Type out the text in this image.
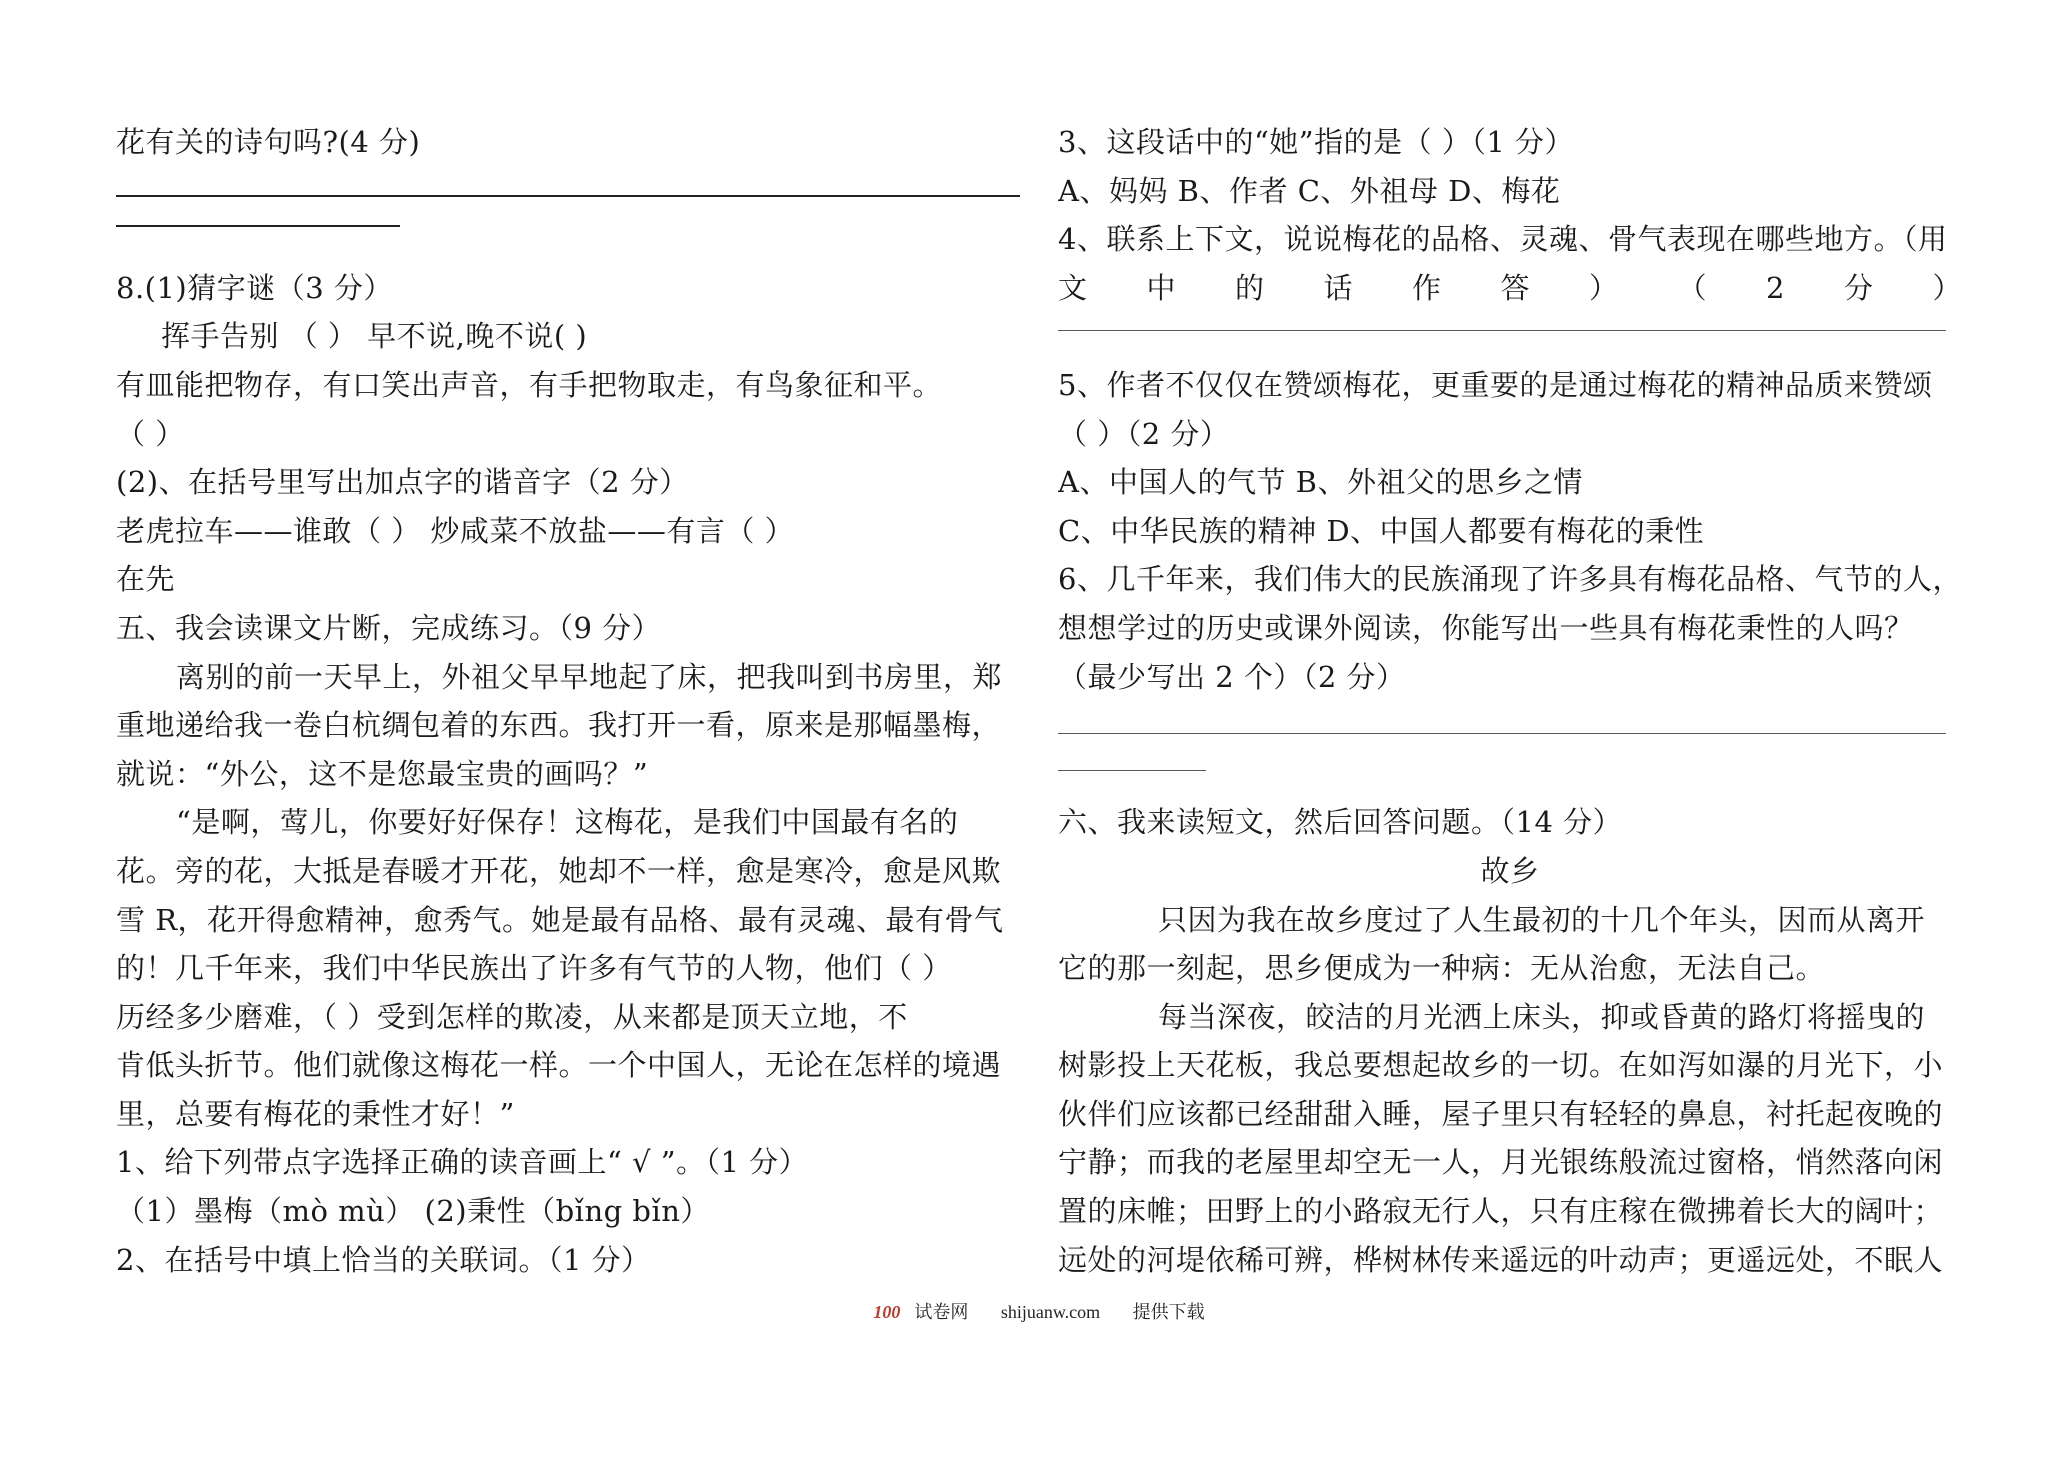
花有关的诗句吗?(4 分)
8.(1)猜字谜（3 分）
挥手告别 （ ） 早不说,晚不说( )
有皿能把物存，有口笑出声音，有手把物取走，有鸟象征和平。
（ ）
(2)、在括号里写出加点字的谐音字（2 分）
老虎拉车——谁敢（ ） 炒咸菜不放盐——有言（ ）
在先
五、我会读课文片断，完成练习。（9 分）
离别的前一天早上，外祖父早早地起了床，把我叫到书房里，郑
重地递给我一卷白杭绸包着的东西。我打开一看，原来是那幅墨梅，
就说：“外公，这不是您最宝贵的画吗？”
“是啊，莺儿，你要好好保存！这梅花，是我们中国最有名的
花。旁的花，大抵是春暖才开花，她却不一样，愈是寒冷，愈是风欺
雪 R，花开得愈精神，愈秀气。她是最有品格、最有灵魂、最有骨气
的！几千年来，我们中华民族出了许多有气节的人物，他们（ ）
历经多少磨难，（ ）受到怎样的欺凌，从来都是顶天立地，不
肯低头折节。他们就像这梅花一样。一个中国人，无论在怎样的境遇
里，总要有梅花的秉性才好！”
1、给下列带点字选择正确的读音画上“ √ ”。（1 分）
（1）墨梅（mò mù） (2)秉性（bǐng bǐn）
2、在括号中填上恰当的关联词。（1 分）
3、这段话中的“她”指的是（ ）（1 分）
A、妈妈 B、作者 C、外祖母 D、梅花
4、联系上下文，说说梅花的品格、灵魂、骨气表现在哪些地方。（用
文 中 的 话 作 答 ） （ 2 分 ）
5、作者不仅仅在赞颂梅花，更重要的是通过梅花的精神品质来赞颂
（ ）（2 分）
A、中国人的气节 B、外祖父的思乡之情
C、中华民族的精神 D、中国人都要有梅花的秉性
6、几千年来，我们伟大的民族涌现了许多具有梅花品格、气节的人，
想想学过的历史或课外阅读，你能写出一些具有梅花秉性的人吗？
（最少写出 2 个）（2 分）
六、我来读短文，然后回答问题。（14 分）
故乡
只因为我在故乡度过了人生最初的十几个年头，因而从离开
它的那一刻起，思乡便成为一种病：无从治愈，无法自己。
每当深夜，皎洁的月光洒上床头，抑或昏黄的路灯将摇曳的
树影投上天花板，我总要想起故乡的一切。在如泻如瀑的月光下，小
伙伴们应该都已经甜甜入睡，屋子里只有轻轻的鼻息，衬托起夜晚的
宁静；而我的老屋里却空无一人，月光银练般流过窗格，悄然落向闲
置的床帷；田野上的小路寂无行人，只有庄稼在微拂着长大的阔叶；
远处的河堤依稀可辨，桦树林传来遥远的叶动声；更遥远处，不眠人
100 试卷网 shijuanw.com 提供下载
